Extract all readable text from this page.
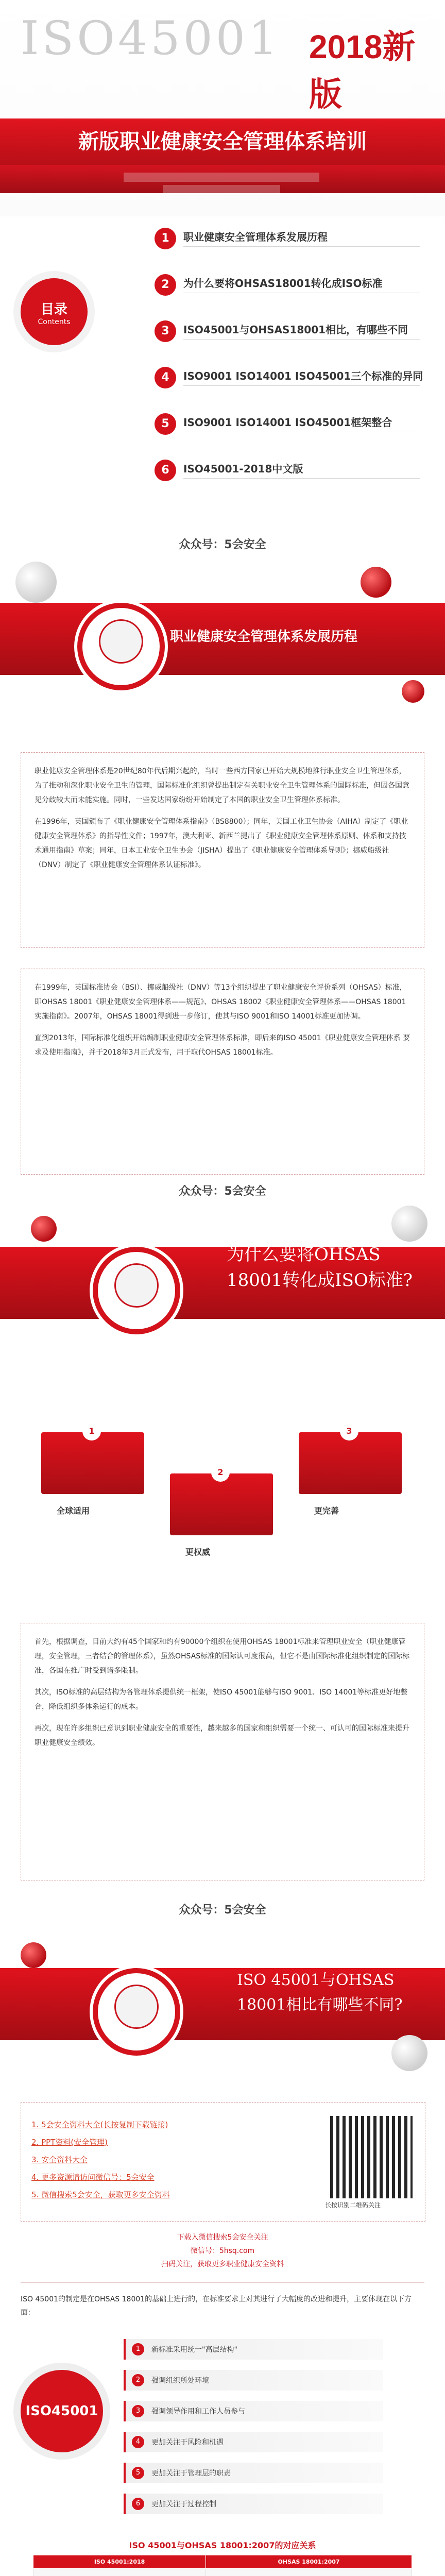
ISO45001 2018新版
新版职业健康安全管理体系培训
目录
Contents
1	职业健康安全管理体系发展历程
2	为什么要将OHSAS18001转化成ISO标准
3	ISO45001与OHSAS18001相比，有哪些不同
4	ISO9001 ISO14001 ISO45001三个标准的异同
5	ISO9001 ISO14001 ISO45001框架整合
6	ISO45001-2018中文版
众众号：5会安全
01
职业健康安全管理体系发展历程

职业健康安全管理体系是20世纪80年代后期兴起的，当时一些西方国家已开始大规模地推行职业安全卫生管理体系，为了推动和深化职业安全卫生的管理，国际标准化组织曾提出制定有关职业安全卫生管理体系的国际标准，但因各国意见分歧较大而未能实施。同时，一些发达国家纷纷开始制定了本国的职业安全卫生管理体系标准。

在1996年，英国颁布了《职业健康安全管理体系指南》（BS8800）；同年，美国工业卫生协会（AIHA）制定了《职业健康安全管理体系》的指导性文件；1997年，澳大利亚、新西兰提出了《职业健康安全管理体系原则、体系和支持技术通用指南》草案；同年，日本工业安全卫生协会（JISHA）提出了《职业健康安全管理体系导则》；挪威船级社（DNV）制定了《职业健康安全管理体系认证标准》。

在1999年，英国标准协会（BSI）、挪威船级社（DNV）等13个组织提出了职业健康安全评价系列（OHSAS）标准，即OHSAS 18001《职业健康安全管理体系——规范》、OHSAS 18002《职业健康安全管理体系——OHSAS 18001实施指南》。2007年，OHSAS 18001得到进一步修订，使其与ISO 9001和ISO 14001标准更加协调。

直到2013年，国际标准化组织开始编制职业健康安全管理体系标准，即后来的ISO 45001《职业健康安全管理体系 要求及使用指南》，并于2018年3月正式发布，用于取代OHSAS 18001标准。

众众号：5会安全
02
为什么要将OHSAS
18001转化成ISO标准?
1
全球适用
2
更权威
3
更完善

首先，根据调查，目前大约有45个国家和约有90000个组织在使用OHSAS 18001标准来管理职业安全（职业健康管理，安全管理，三者结合的管理体系），虽然OHSAS标准的国际认可度很高，但它不是由国际标准化组织制定的国际标准，各国在推广时受到诸多限制。

其次，ISO标准的高层结构为各管理体系提供统一框架，使ISO 45001能够与ISO 9001、ISO 14001等标准更好地整合，降低组织多体系运行的成本。

再次，现在许多组织已意识到职业健康安全的重要性，越来越多的国家和组织需要一个统一、可认可的国际标准来提升职业健康安全绩效。

众众号：5会安全
03
ISO 45001与OHSAS
18001相比有哪些不同?
1. 5会安全资料大全(长按复制下载链接)
2. PPT资料(安全管理)
3. 安全资料大全
4. 更多资源请访问微信号：5会安全
5. 微信搜索5会安全，获取更多安全资料
长按识别二维码关注
下载入微信搜索5会安全关注
微信号：5hsq.com
扫码关注，获取更多职业健康安全资料
ISO 45001的制定是在OHSAS 18001的基础上进行的，在标准要求上对其进行了大幅度的改进和提升，主要体现在以下方面：
ISO45001
1	新标准采用统一"高层结构"
2	强调组织所处环境
3	强调领导作用和工作人员参与
4	更加关注于风险和机遇
5	更加关注于管理层的职责
6	更加关注于过程控制
ISO 45001与OHSAS 18001:2007的对应关系
ISO 45001:2018	OHSAS 18001:2007
